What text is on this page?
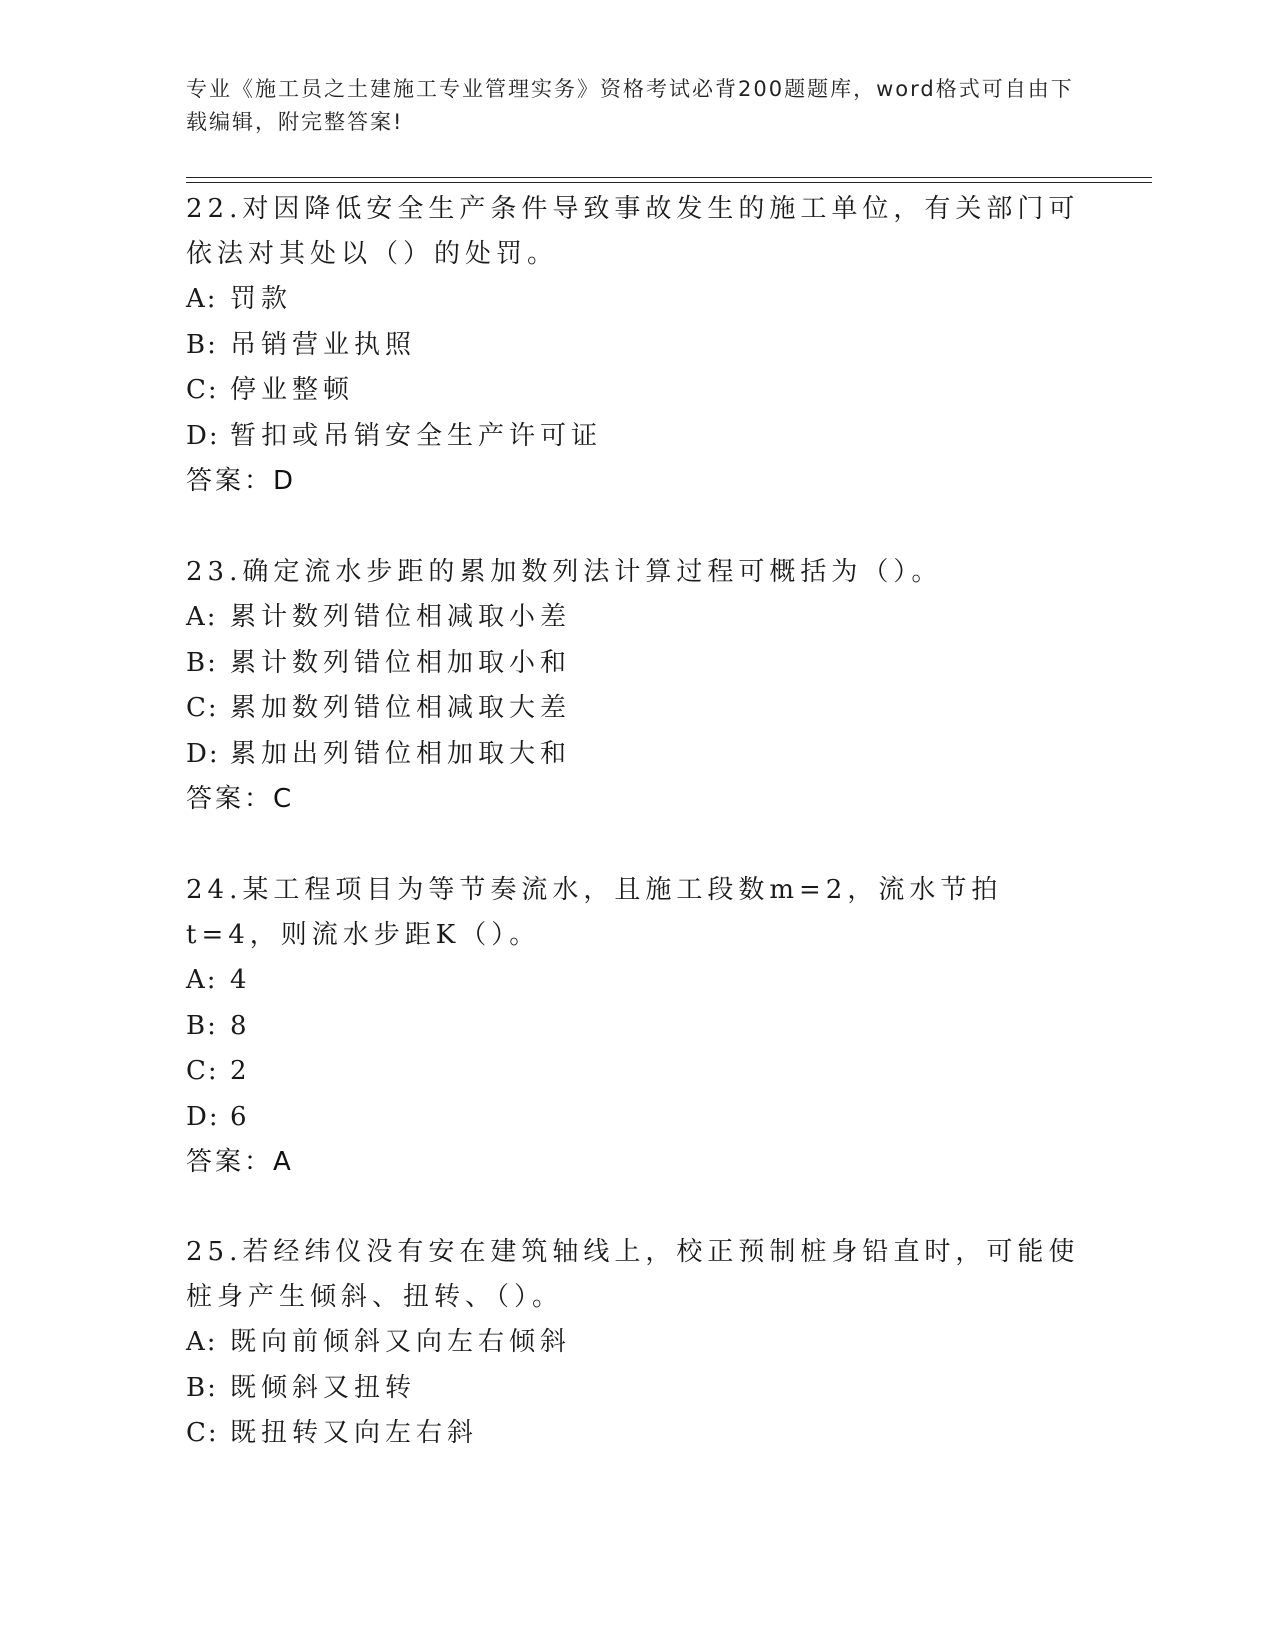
专业《施工员之土建施工专业管理实务》资格考试必背200题题库，word格式可自由下载编辑，附完整答案!

22.对因降低安全生产条件导致事故发生的施工单位，有关部门可依法对其处以（）的处罚。

A: 罚款

B: 吊销营业执照

C: 停业整顿

D: 暂扣或吊销安全生产许可证

答案：D

23.确定流水步距的累加数列法计算过程可概括为（）。

A: 累计数列错位相减取小差

B: 累计数列错位相加取小和

C: 累加数列错位相减取大差

D: 累加出列错位相加取大和

答案：C

24.某工程项目为等节奏流水，且施工段数m=2，流水节拍t=4，则流水步距K（）。

A: 4

B: 8

C: 2

D: 6

答案：A

25.若经纬仪没有安在建筑轴线上，校正预制桩身铅直时，可能使桩身产生倾斜、扭转、（）。

A: 既向前倾斜又向左右倾斜

B: 既倾斜又扭转

C: 既扭转又向左右斜
